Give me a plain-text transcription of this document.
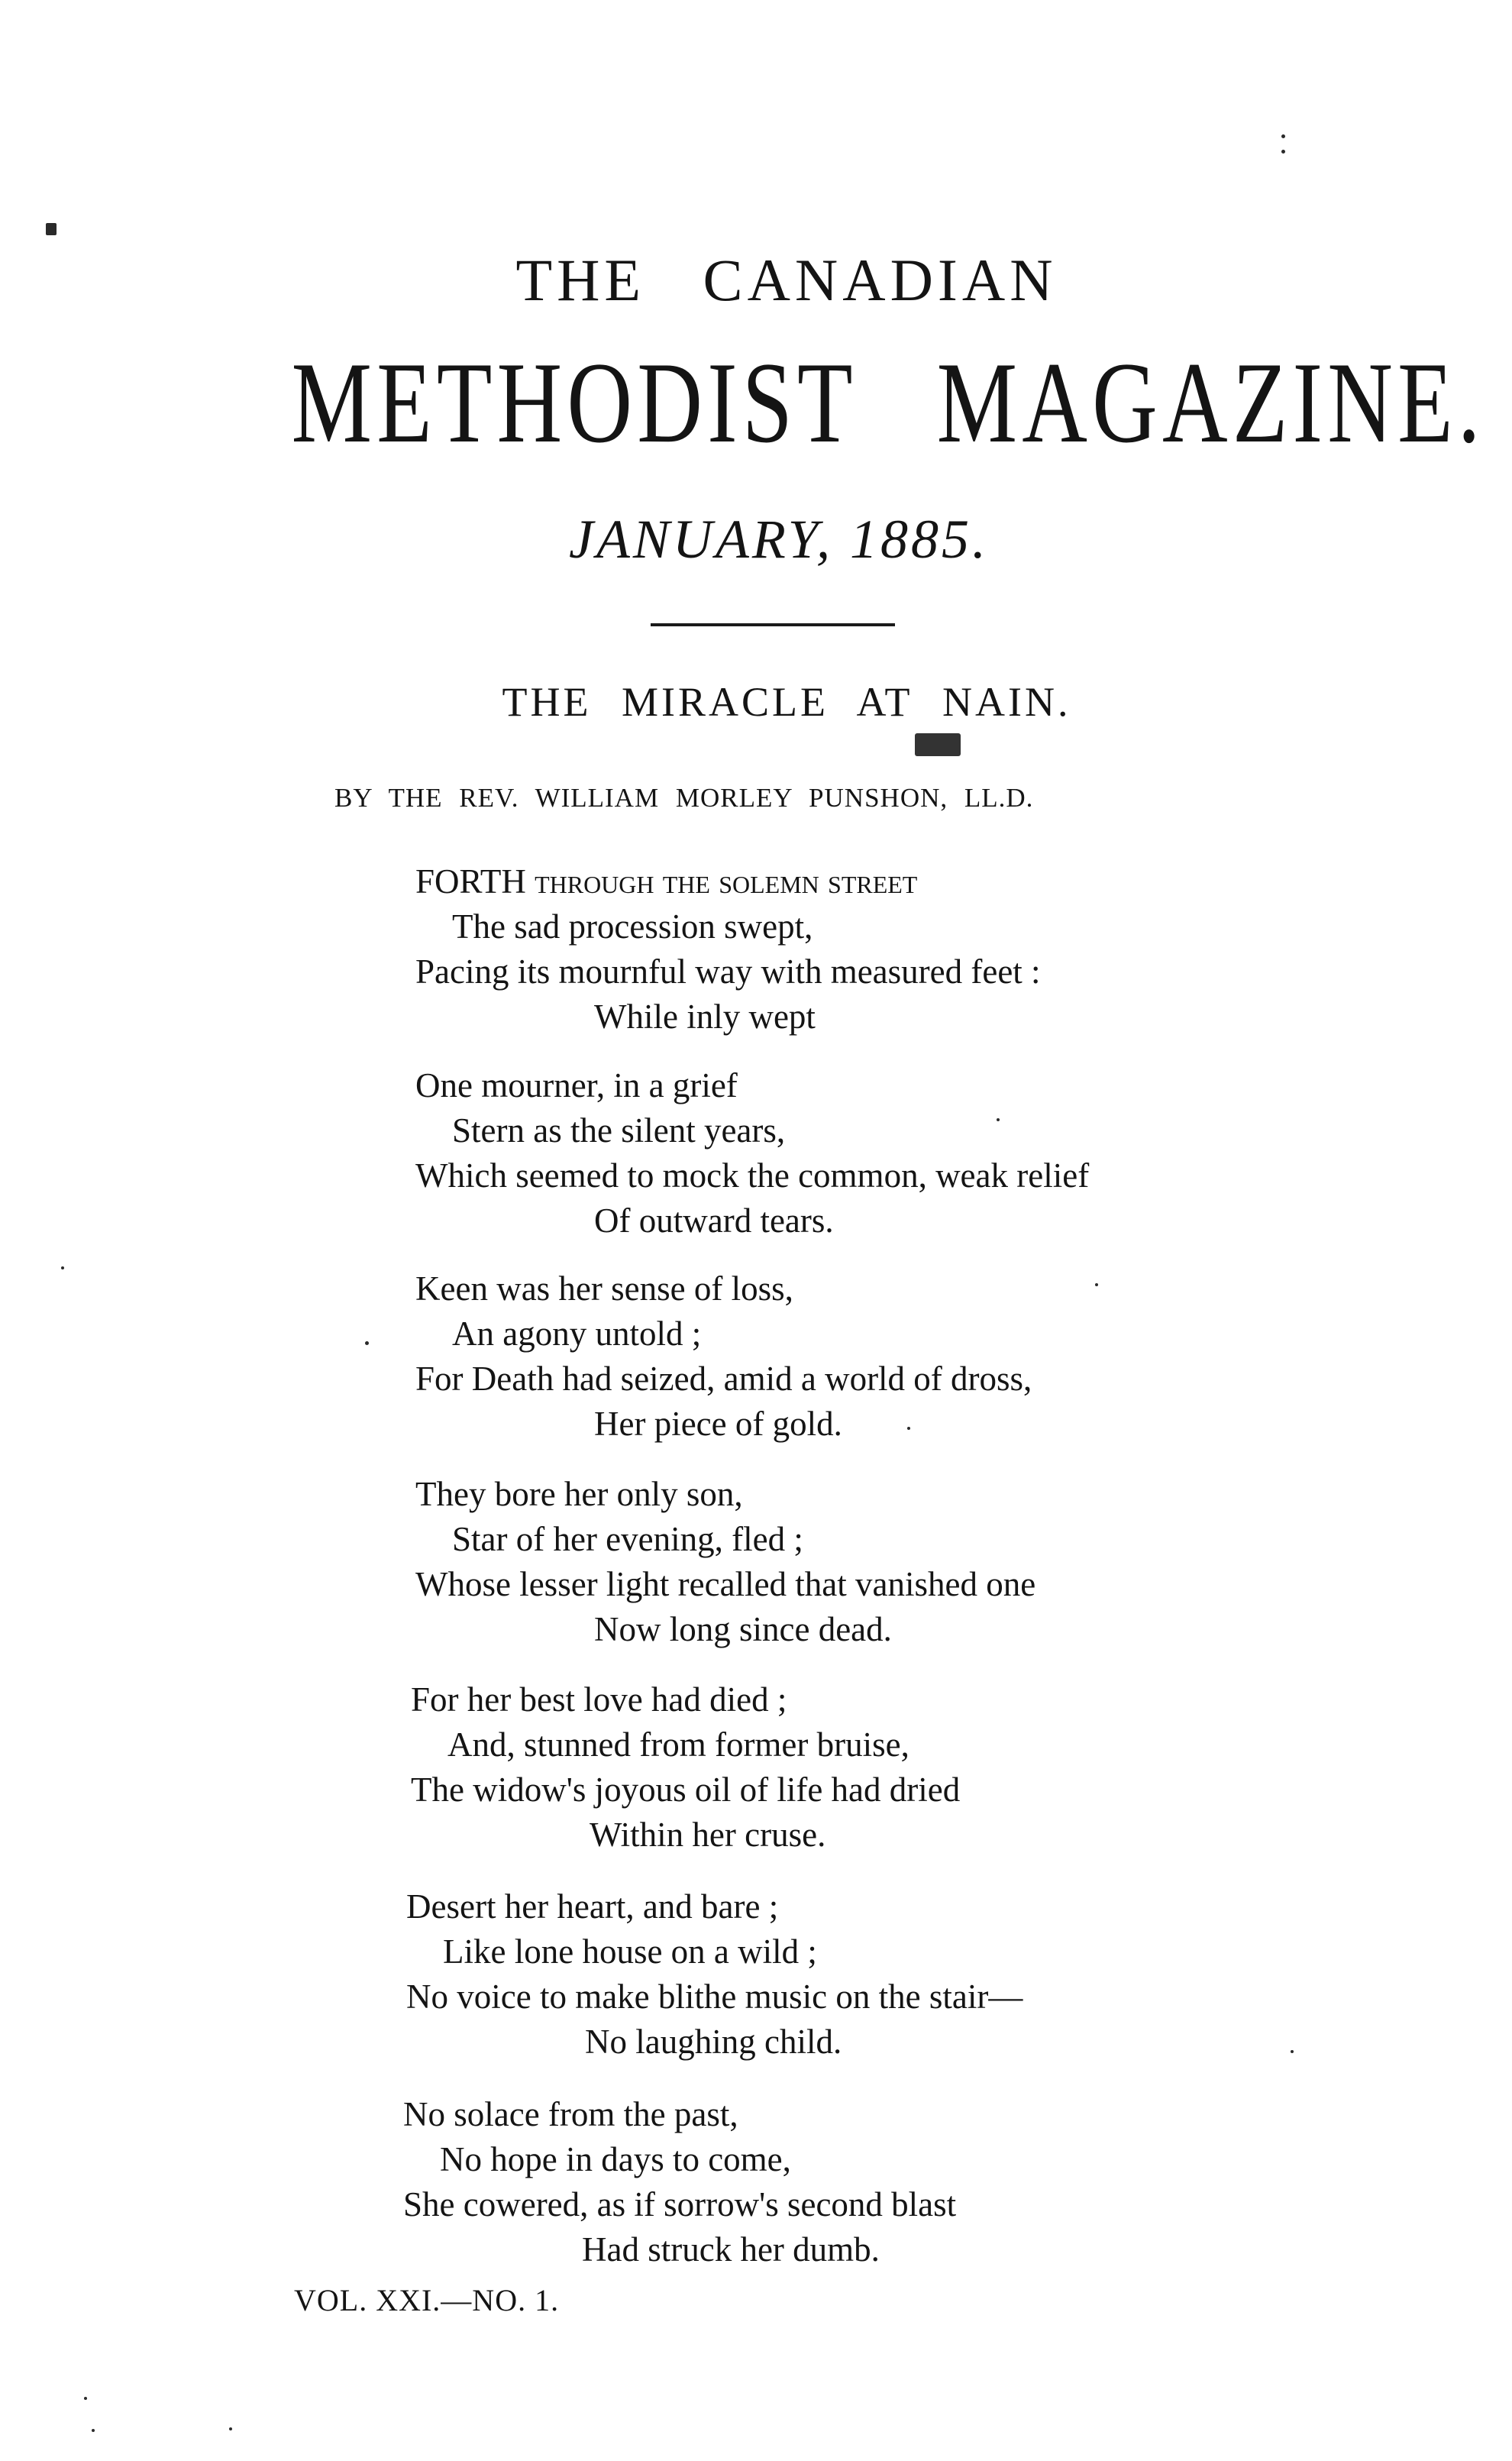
THE CANADIAN
METHODIST MAGAZINE.
JANUARY, 1885.
THE MIRACLE AT NAIN.
BY THE REV. WILLIAM MORLEY PUNSHON, LL.D.
FORTH through the solemn street
The sad procession swept,
Pacing its mournful way with measured feet :
While inly wept
One mourner, in a grief
Stern as the silent years,
Which seemed to mock the common, weak relief
Of outward tears.
Keen was her sense of loss,
An agony untold ;
For Death had seized, amid a world of dross,
Her piece of gold.
They bore her only son,
Star of her evening, fled ;
Whose lesser light recalled that vanished one
Now long since dead.
For her best love had died ;
And, stunned from former bruise,
The widow's joyous oil of life had dried
Within her cruse.
Desert her heart, and bare ;
Like lone house on a wild ;
No voice to make blithe music on the stair—
No laughing child.
No solace from the past,
No hope in days to come,
She cowered, as if sorrow's second blast
Had struck her dumb.
VOL. XXI.—NO. 1.
